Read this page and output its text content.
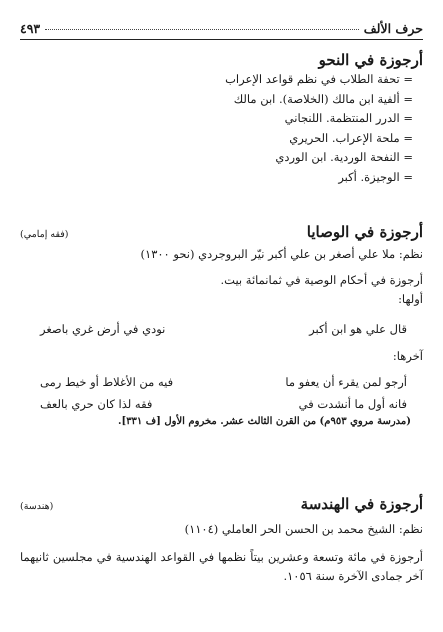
حرف الألف
٤٩٣
أرجوزة في النحو
= تحفة الطلاب في نظم قواعد الإعراب
= ألفية ابن مالك (الخلاصة). ابن مالك
= الدرر المنتظمة. اللنجاني
= ملحة الإعراب. الحريري
= النفحة الوردية. ابن الوردي
= الوجيزة. أكبر
أرجوزة في الوصايا
(فقه إمامي)
نظم: ملا علي أصغر بن علي أكبر نيّر البروجردي (نحو ١٣٠٠)
أرجوزة في أحكام الوصية في ثمانمائة بيت.
أولها:
قال علي هو ابن أكبر
نودي في أرض غري باصغر
آخرها:
أرجو لمن يقرء أن يعفو ما
فيه من الأغلاط أو خيط رمى
فانه أول ما أنشدت في
فقه لذا كان حري بالعف
(مدرسة مروي ٩٥٣م) من القرن الثالث عشر. مخروم الأول [ف ٣٣١].
أرجوزة في الهندسة
(هندسة)
نظم: الشيخ محمد بن الحسن الحر العاملي (١١٠٤)
أرجوزة في مائة وتسعة وعشرين بيتاً نظمها في القواعد الهندسية في مجلسين ثانيهما آخر جمادى الآخرة سنة ١٠٥٦.
